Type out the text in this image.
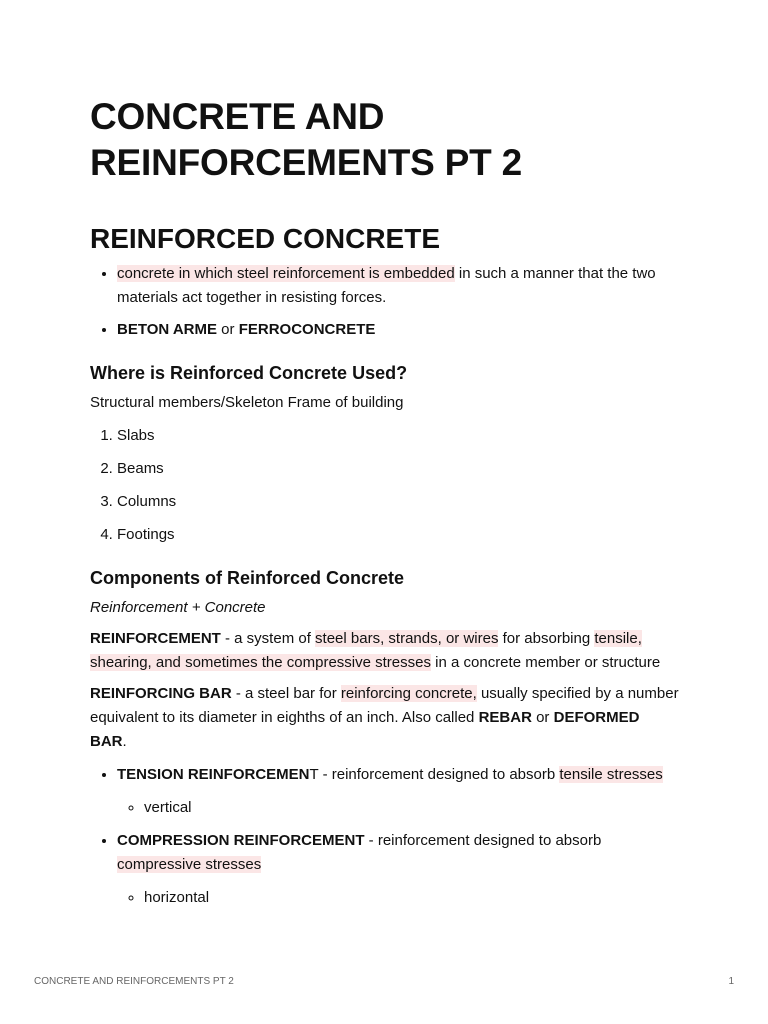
CONCRETE AND
REINFORCEMENTS PT 2
REINFORCED CONCRETE
• concrete in which steel reinforcement is embedded in such a manner that the two materials act together in resisting forces.
• BETON ARME or FERROCONCRETE
Where is Reinforced Concrete Used?

Structural members/Skeleton Frame of building

1. Slabs
2. Beams
3. Columns
4. Footings
Components of Reinforced Concrete

Reinforcement + Concrete

REINFORCEMENT - a system of steel bars, strands, or wires for absorbing tensile, shearing, and sometimes the compressive stresses in a concrete member or structure

REINFORCING BAR - a steel bar for reinforcing concrete, usually specified by a number equivalent to its diameter in eighths of an inch. Also called REBAR or DEFORMED BAR.

• TENSION REINFORCEMENT - reinforcement designed to absorb tensile stresses
◦ vertical
• COMPRESSION REINFORCEMENT - reinforcement designed to absorb compressive stresses
◦ horizontal
CONCRETE AND REINFORCEMENTS PT 2	1
